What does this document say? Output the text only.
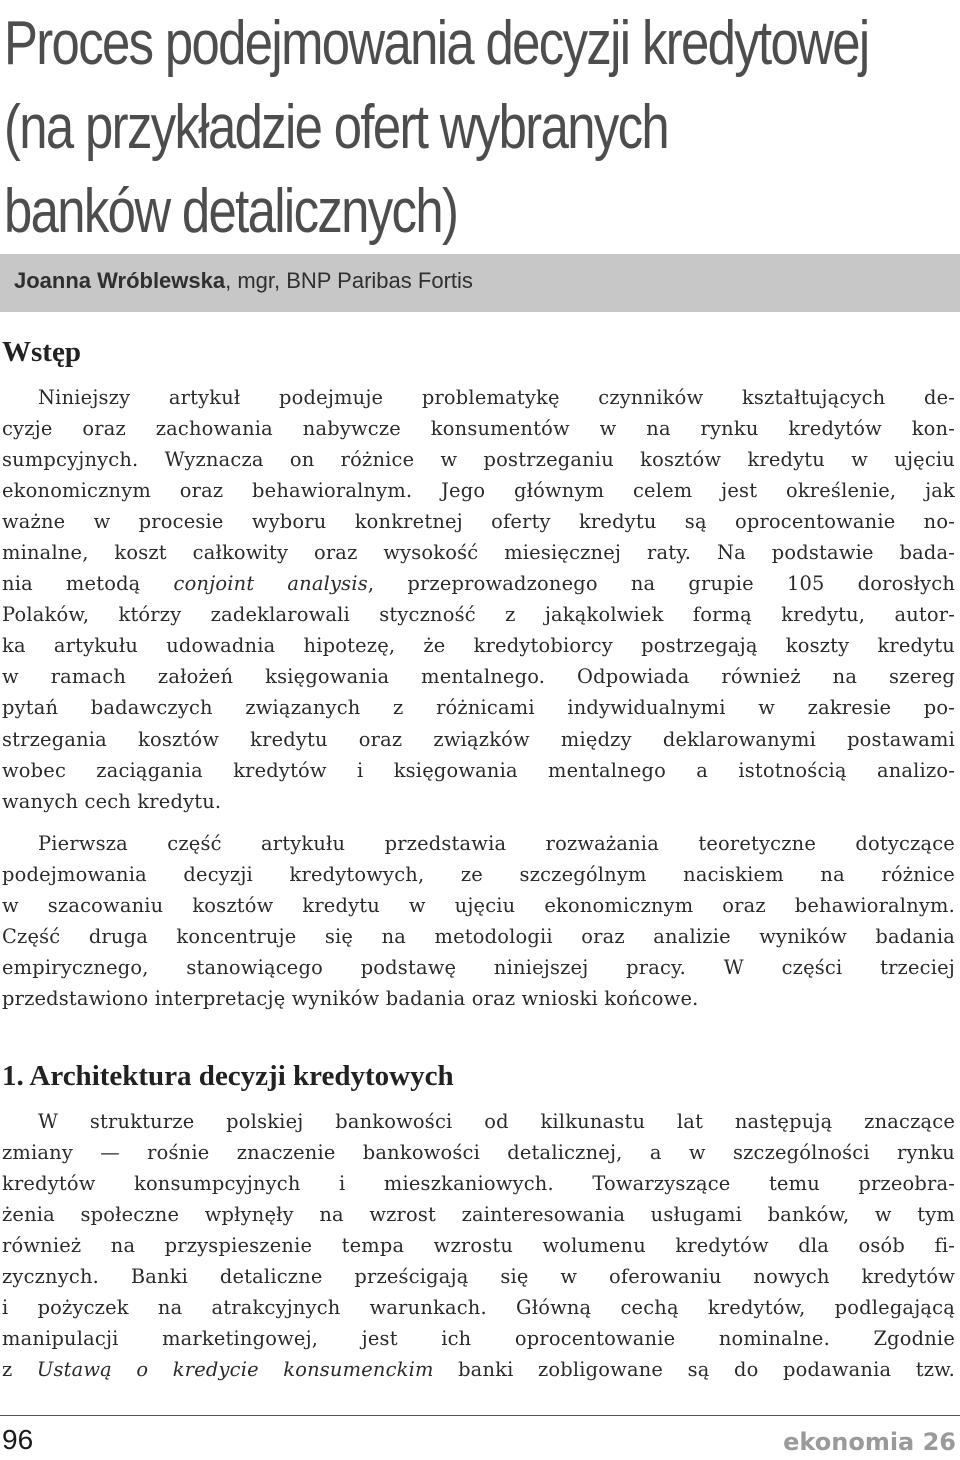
Proces podejmowania decyzji kredytowej
(na przykładzie ofert wybranych
banków detalicznych)
Joanna Wróblewska, mgr, BNP Paribas Fortis
Wstęp
Niniejszy artykuł podejmuje problematykę czynników kształtujących de-
cyzje oraz zachowania nabywcze konsumentów w na rynku kredytów kon-
sumpcyjnych. Wyznacza on różnice w postrzeganiu kosztów kredytu w ujęciu
ekonomicznym oraz behawioralnym. Jego głównym celem jest określenie, jak
ważne w procesie wyboru konkretnej oferty kredytu są oprocentowanie no-
minalne, koszt całkowity oraz wysokość miesięcznej raty. Na podstawie bada-
nia metodą conjoint analysis, przeprowadzonego na grupie 105 dorosłych
Polaków, którzy zadeklarowali styczność z jakąkolwiek formą kredytu, autor-
ka artykułu udowadnia hipotezę, że kredytobiorcy postrzegają koszty kredytu
w ramach założeń księgowania mentalnego. Odpowiada również na szereg
pytań badawczych związanych z różnicami indywidualnymi w zakresie po-
strzegania kosztów kredytu oraz związków między deklarowanymi postawami
wobec zaciągania kredytów i księgowania mentalnego a istotnością analizo-
wanych cech kredytu.
Pierwsza część artykułu przedstawia rozważania teoretyczne dotyczące
podejmowania decyzji kredytowych, ze szczególnym naciskiem na różnice
w szacowaniu kosztów kredytu w ujęciu ekonomicznym oraz behawioralnym.
Część druga koncentruje się na metodologii oraz analizie wyników badania
empirycznego, stanowiącego podstawę niniejszej pracy. W części trzeciej
przedstawiono interpretację wyników badania oraz wnioski końcowe.
1. Architektura decyzji kredytowych
W strukturze polskiej bankowości od kilkunastu lat następują znaczące
zmiany — rośnie znaczenie bankowości detalicznej, a w szczególności rynku
kredytów konsumpcyjnych i mieszkaniowych. Towarzyszące temu przeobra-
żenia społeczne wpłynęły na wzrost zainteresowania usługami banków, w tym
również na przyspieszenie tempa wzrostu wolumenu kredytów dla osób fi-
zycznych. Banki detaliczne prześcigają się w oferowaniu nowych kredytów
i pożyczek na atrakcyjnych warunkach. Główną cechą kredytów, podlegającą
manipulacji marketingowej, jest ich oprocentowanie nominalne. Zgodnie
z Ustawą o kredycie konsumenckim banki zobligowane są do podawania tzw.
96	ekonomia 26
